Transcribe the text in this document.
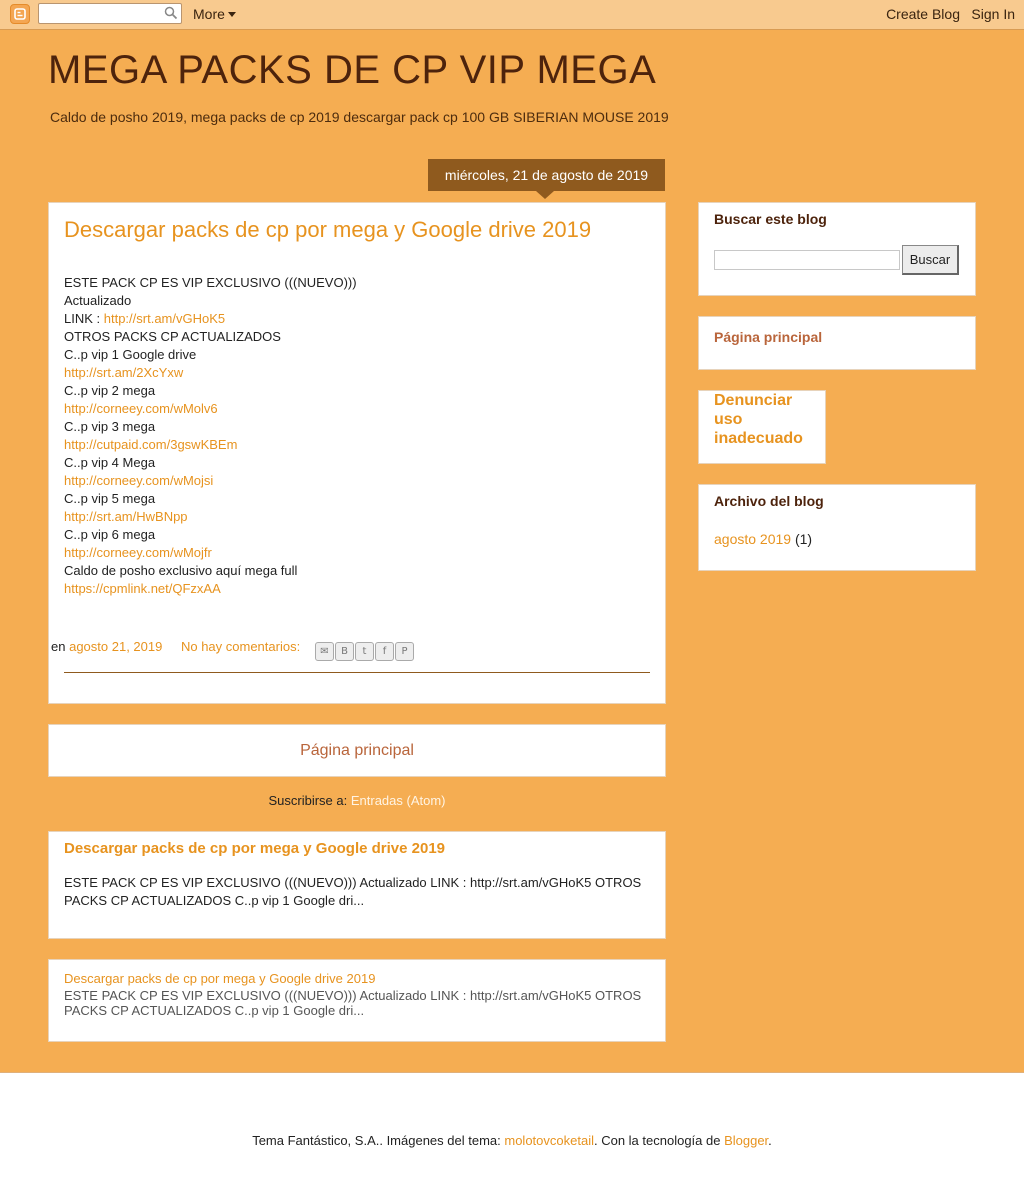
More	Create Blog Sign In
MEGA PACKS DE CP VIP MEGA
Caldo de posho 2019, mega packs de cp 2019 descargar pack cp 100 GB SIBERIAN MOUSE 2019
miércoles, 21 de agosto de 2019
Descargar packs de cp por mega y Google drive 2019
ESTE PACK CP ES VIP EXCLUSIVO (((NUEVO)))
Actualizado
LINK : http://srt.am/vGHoK5
OTROS PACKS CP ACTUALIZADOS
C..p vip 1 Google drive
http://srt.am/2XcYxw
C..p vip 2 mega
http://corneey.com/wMolv6
C..p vip 3 mega
http://cutpaid.com/3gswKBEm
C..p vip 4 Mega
http://corneey.com/wMojsi
C..p vip 5 mega
http://srt.am/HwBNpp
C..p vip 6 mega
http://corneey.com/wMojfr
Caldo de posho exclusivo aquí mega full
https://cpmlink.net/QFzxAA
en agosto 21, 2019 No hay comentarios:	✉	B	t	f	P
Página principal
Suscribirse a: Entradas (Atom)
Descargar packs de cp por mega y Google drive 2019
ESTE PACK CP ES VIP EXCLUSIVO (((NUEVO))) Actualizado LINK : http://srt.am/vGHoK5 OTROS PACKS CP ACTUALIZADOS C..p vip 1 Google dri...
Descargar packs de cp por mega y Google drive 2019
ESTE PACK CP ES VIP EXCLUSIVO (((NUEVO))) Actualizado LINK : http://srt.am/vGHoK5 OTROS PACKS CP ACTUALIZADOS C..p vip 1 Google dri...
Buscar este blog
Buscar
Página principal
Denunciar uso inadecuado
Archivo del blog
agosto 2019 (1)
Tema Fantástico, S.A.. Imágenes del tema: molotovcoketail. Con la tecnología de Blogger.
